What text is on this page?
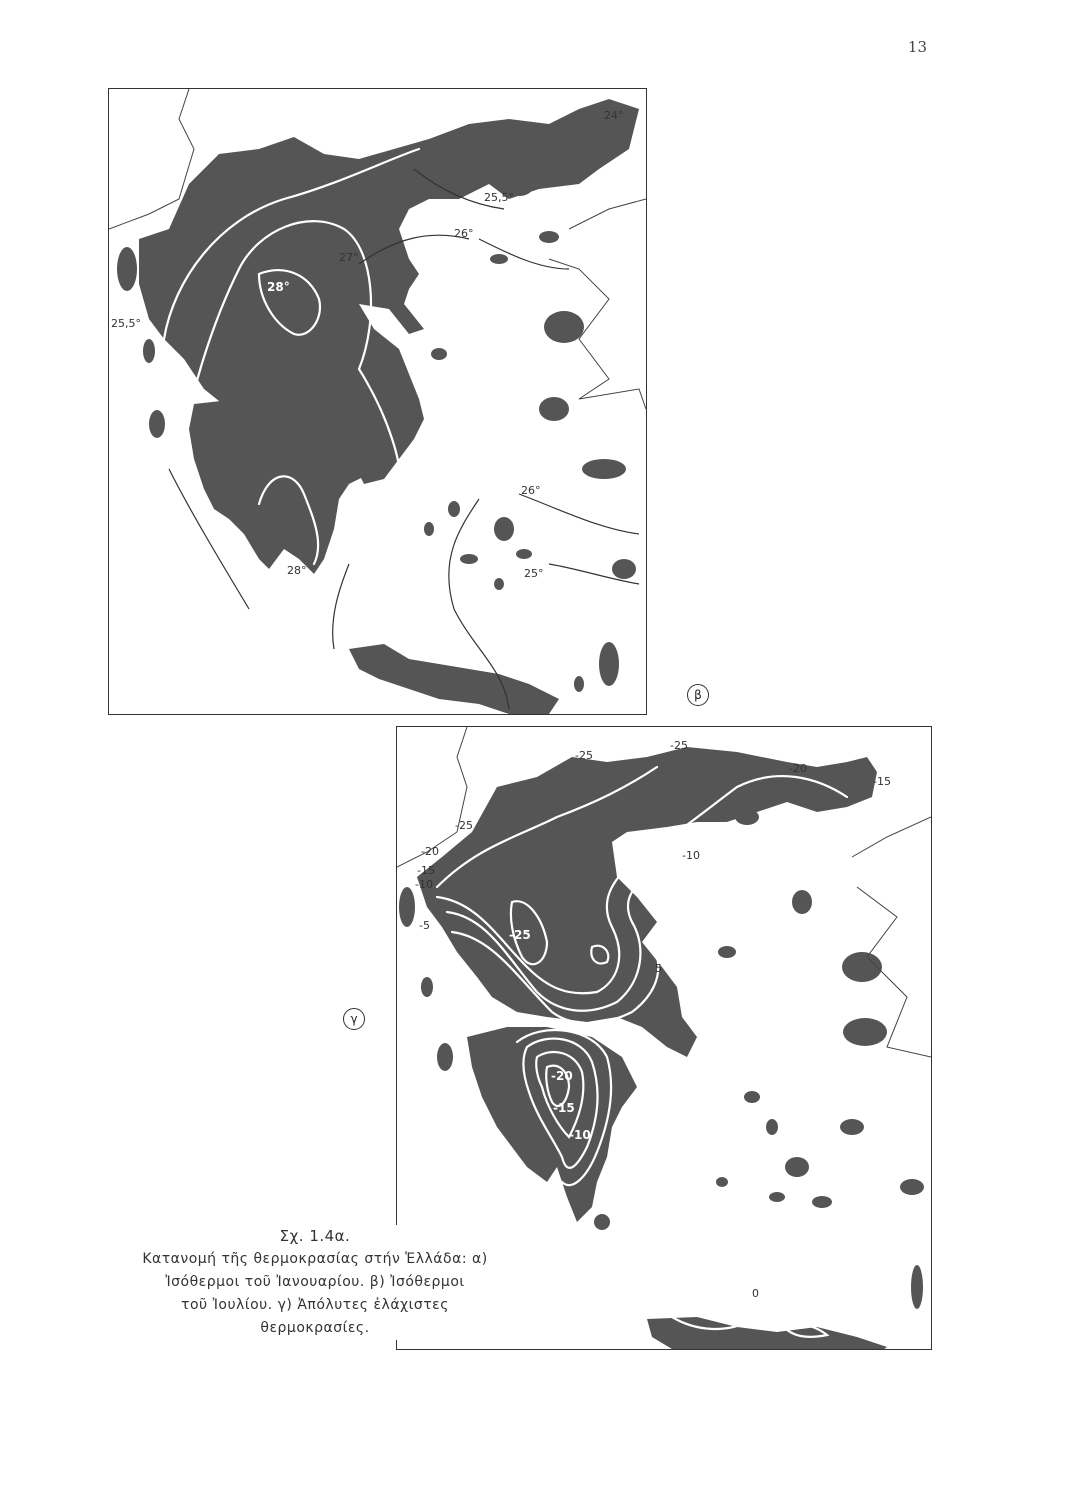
13
24°
25,5°
26°
27°
28°
25,5°
26°
25°
28°
β
-25
-25
-20
-15
-25
-20
-15
-10
-5
-10
-25
5
-20
-15
-10
0
γ
Σχ. 1.4α.
Κατανομή τῆς θερμοκρασίας στήν Ἑλλάδα: α)
Ἰσόθερμοι τοῦ Ἰανουαρίου. β) Ἰσόθερμοι
τοῦ Ἰουλίου. γ) Ἀπόλυτες ἐλάχιστες
θερμοκρασίες.
